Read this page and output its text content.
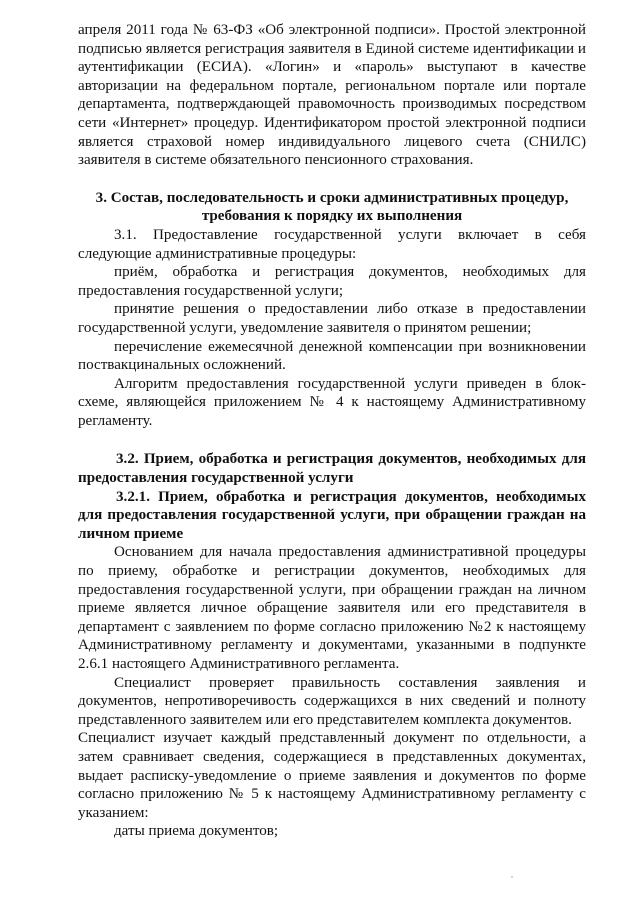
апреля 2011 года № 63-ФЗ «Об электронной подписи». Простой электронной подписью является регистрация заявителя в Единой системе идентификации и аутентификации (ЕСИА). «Логин» и «пароль» выступают в качестве авторизации на федеральном портале, региональном портале или портале департамента, подтверждающей правомочность производимых посредством сети «Интернет» процедур. Идентификатором простой электронной подписи является страховой номер индивидуального лицевого счета (СНИЛС) заявителя в системе обязательного пенсионного страхования.

3. Состав, последовательность и сроки административных процедур, требования к порядку их выполнения

3.1. Предоставление государственной услуги включает в себя следующие административные процедуры:

приём, обработка и регистрация документов, необходимых для предоставления государственной услуги;

принятие решения о предоставлении либо отказе в предоставлении государственной услуги, уведомление заявителя о принятом решении;

перечисление ежемесячной денежной компенсации при возникновении поствакцинальных осложнений.

Алгоритм предоставления государственной услуги приведен в блок-схеме, являющейся приложением № 4 к настоящему Административному регламенту.

3.2. Прием, обработка и регистрация документов, необходимых для предоставления государственной услуги

3.2.1. Прием, обработка и регистрация документов, необходимых для предоставления государственной услуги, при обращении граждан на личном приеме

Основанием для начала предоставления административной процедуры по приему, обработке и регистрации документов, необходимых для предоставления государственной услуги, при обращении граждан на личном приеме является личное обращение заявителя или его представителя в департамент с заявлением по форме согласно приложению №2 к настоящему Административному регламенту и документами, указанными в подпункте 2.6.1 настоящего Административного регламента.

Специалист проверяет правильность составления заявления и документов, непротиворечивость содержащихся в них сведений и полноту представленного заявителем или его представителем комплекта документов.

Специалист изучает каждый представленный документ по отдельности, а затем сравнивает сведения, содержащиеся в представленных документах, выдает расписку-уведомление о приеме заявления и документов по форме согласно приложению № 5 к настоящему Административному регламенту с указанием:

даты приема документов;
